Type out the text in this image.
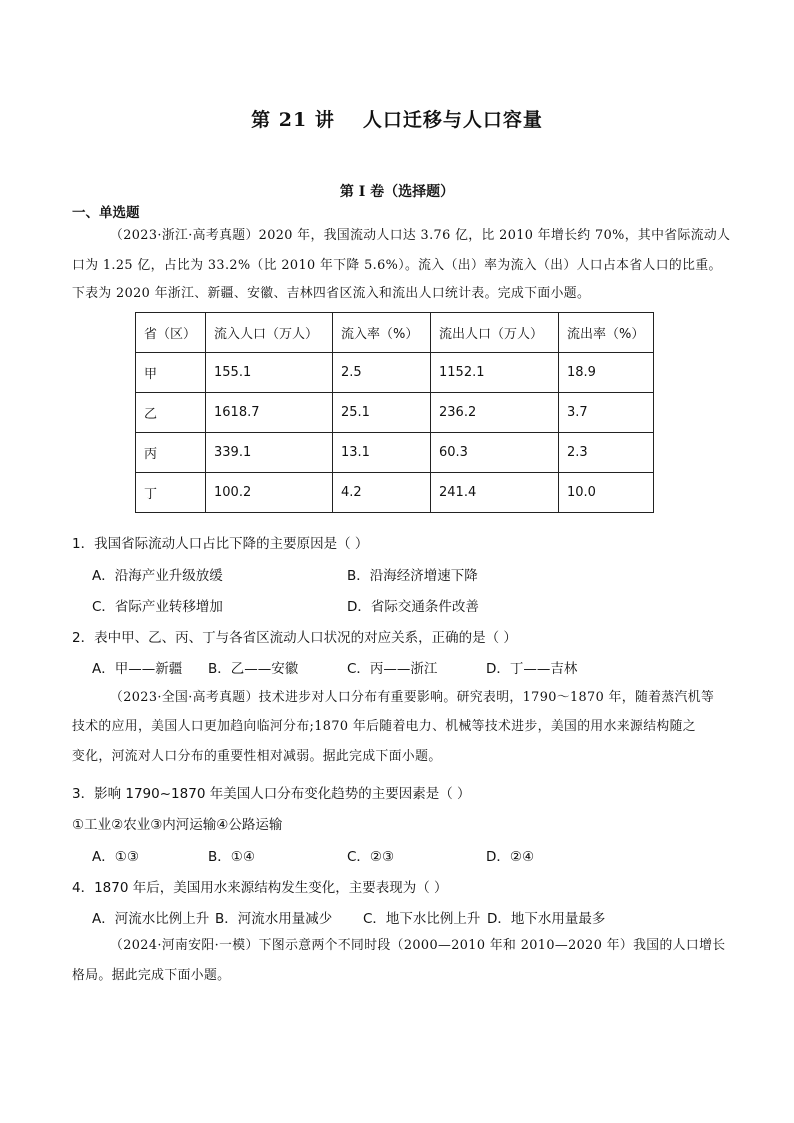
第 21 讲 人口迁移与人口容量
第 I 卷（选择题）
一、单选题
（2023·浙江·高考真题）2020 年，我国流动人口达 3.76 亿，比 2010 年增长约 70%，其中省际流动人
口为 1.25 亿，占比为 33.2%（比 2010 年下降 5.6%）。流入（出）率为流入（出）人口占本省人口的比重。
下表为 2020 年浙江、新疆、安徽、吉林四省区流入和流出人口统计表。完成下面小题。
省（区）	流入人口（万人）	流入率（%）	流出人口（万人）	流出率（%）
甲	155.1	2.5	1152.1	18.9
乙	1618.7	25.1	236.2	3.7
丙	339.1	13.1	60.3	2.3
丁	100.2	4.2	241.4	10.0
1．我国省际流动人口占比下降的主要原因是（ ）
A．沿海产业升级放缓	B．沿海经济增速下降
C．省际产业转移增加	D．省际交通条件改善
2．表中甲、乙、丙、丁与各省区流动人口状况的对应关系，正确的是（ ）
A．甲——新疆 B．乙——安徽	C．丙——浙江	D．丁——吉林
（2023·全国·高考真题）技术进步对人口分布有重要影响。研究表明，1790～1870 年，随着蒸汽机等
技术的应用，美国人口更加趋向临河分布;1870 年后随着电力、机械等技术进步，美国的用水来源结构随之
变化，河流对人口分布的重要性相对减弱。据此完成下面小题。
3．影响 1790~1870 年美国人口分布变化趋势的主要因素是（ ）
①工业②农业③内河运输④公路运输
A．①③	B．①④	C．②③	D．②④
4．1870 年后，美国用水来源结构发生变化，主要表现为（ ）
A．河流水比例上升 B．河流水用量减少 C．地下水比例上升 D．地下水用量最多
（2024·河南安阳·一模）下图示意两个不同时段（2000—2010 年和 2010—2020 年）我国的人口增长
格局。据此完成下面小题。
